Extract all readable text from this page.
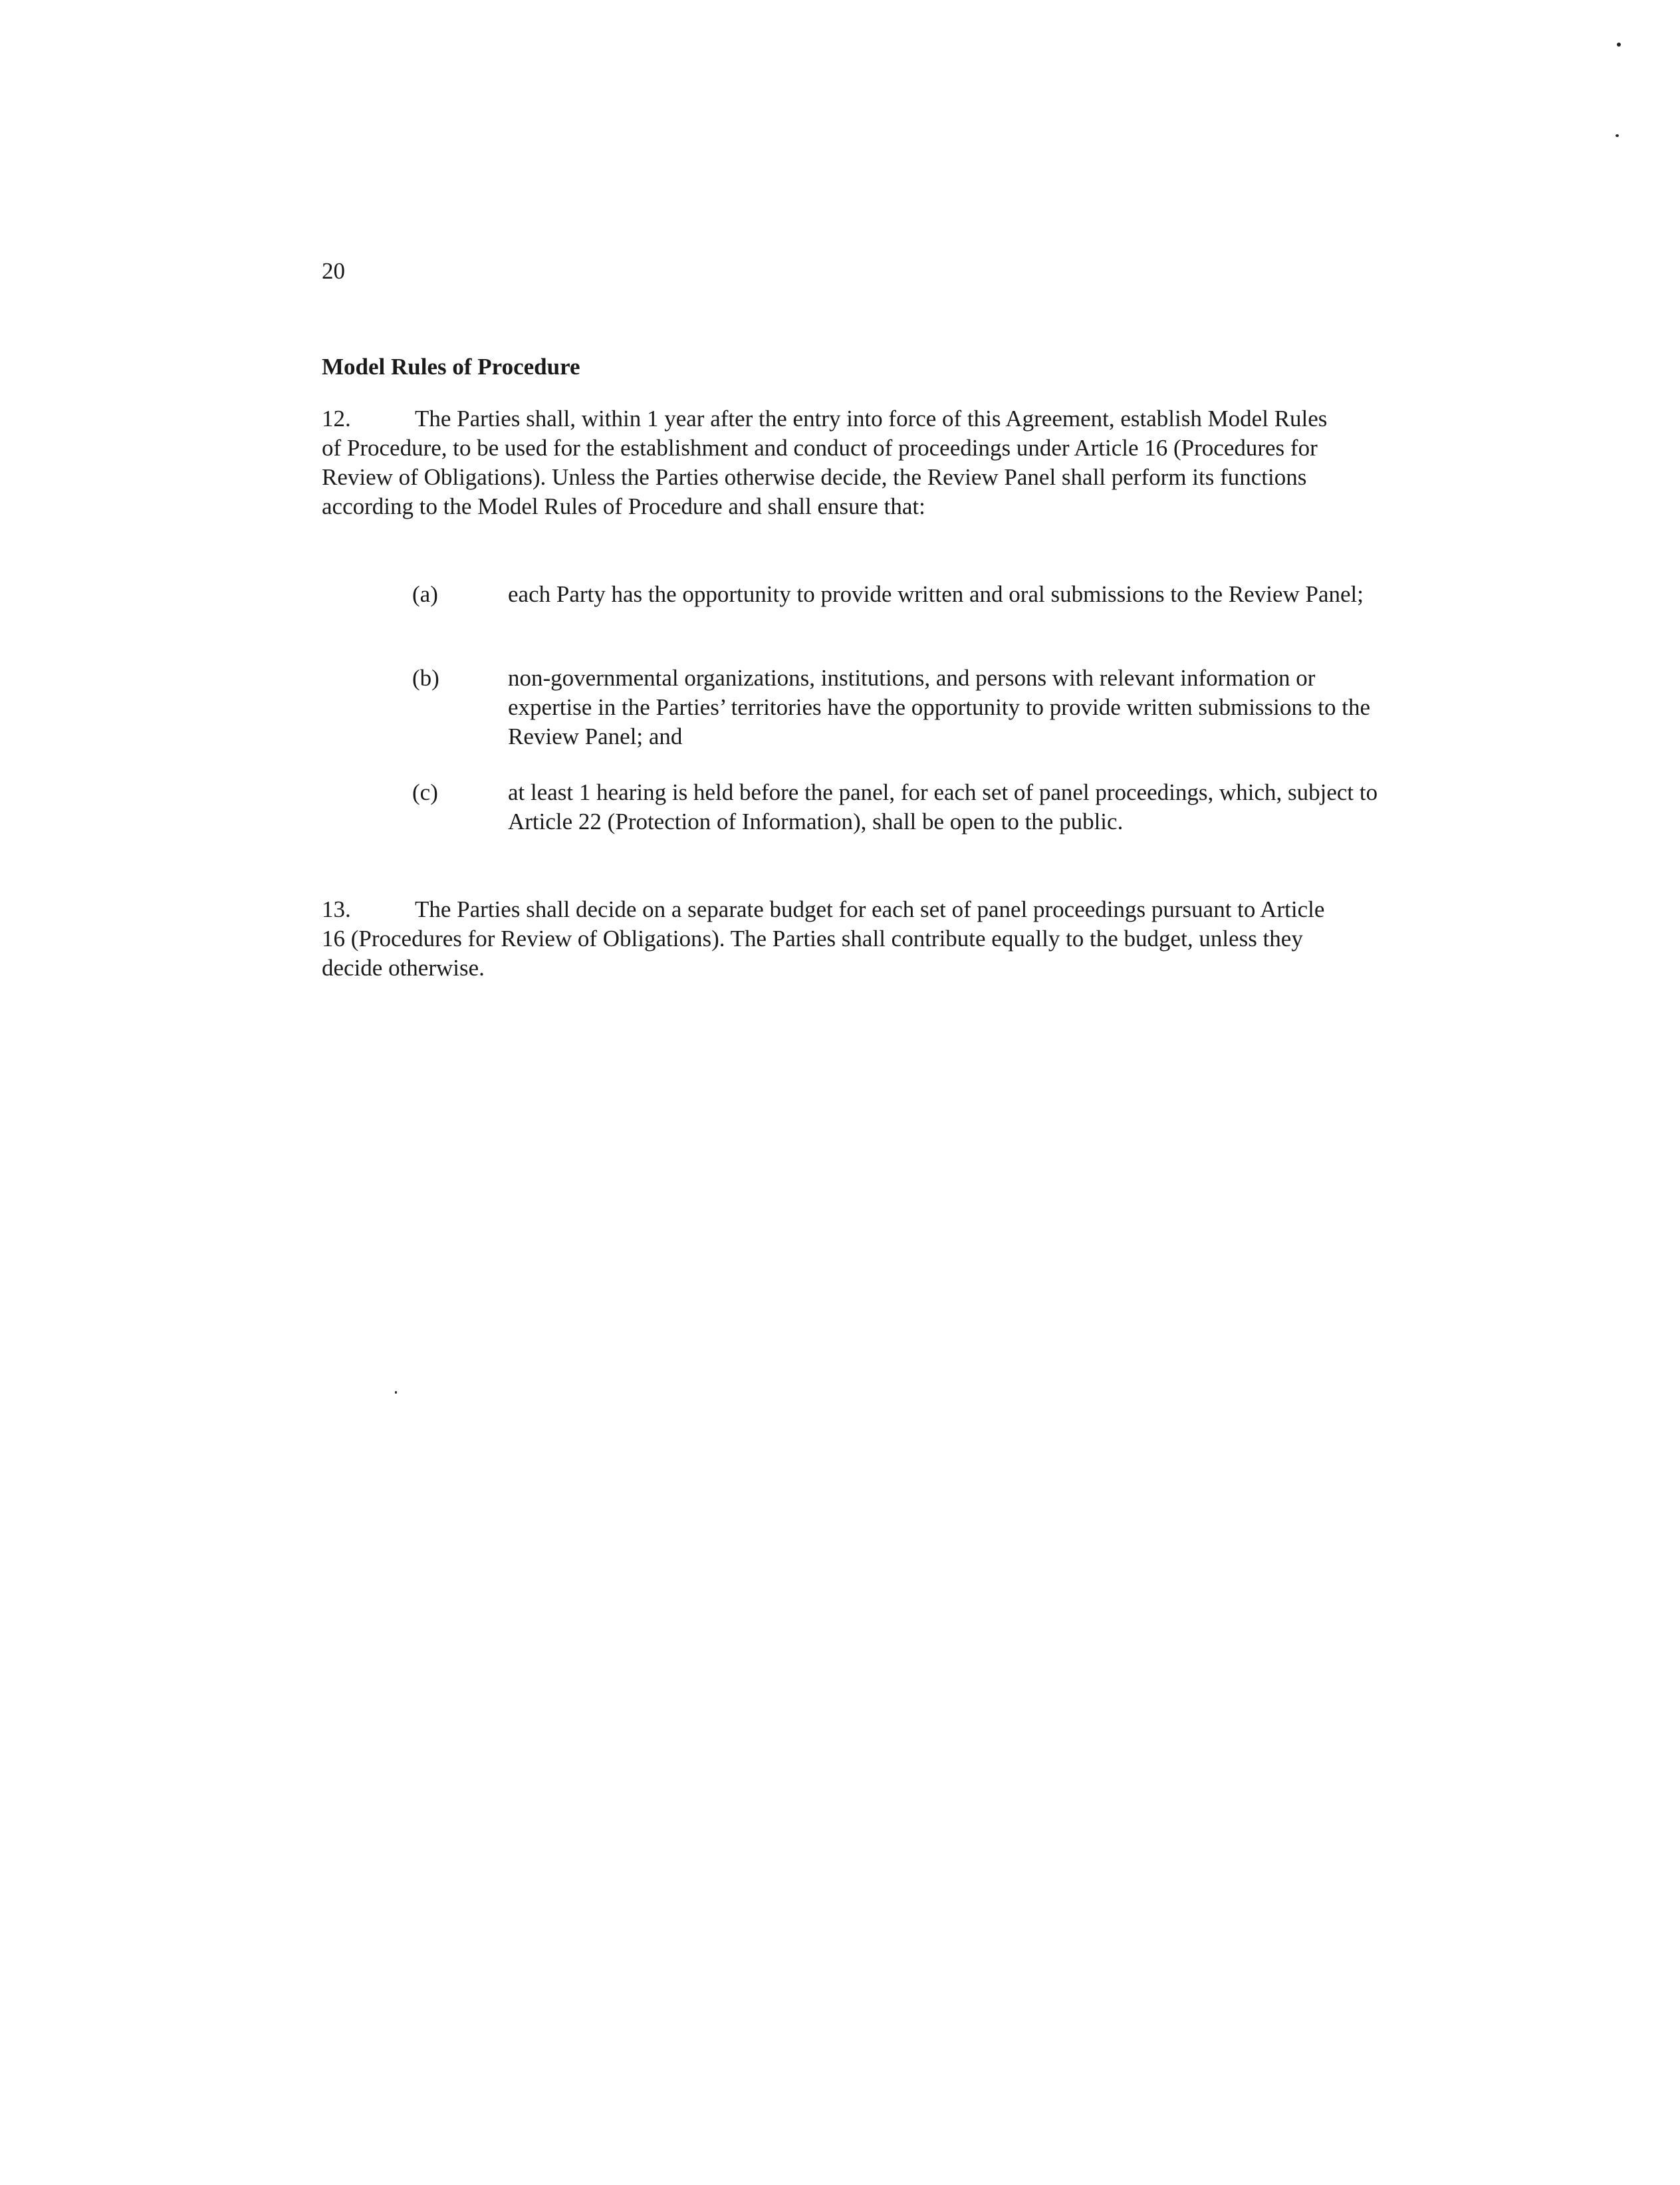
20
Model Rules of Procedure
12.	The Parties shall, within 1 year after the entry into force of this Agreement, establish Model Rules of Procedure, to be used for the establishment and conduct of proceedings under Article 16 (Procedures for Review of Obligations). Unless the Parties otherwise decide, the Review Panel shall perform its functions according to the Model Rules of Procedure and shall ensure that:
(a)	each Party has the opportunity to provide written and oral submissions to the Review Panel;
(b)	non-governmental organizations, institutions, and persons with relevant information or expertise in the Parties’ territories have the opportunity to provide written submissions to the Review Panel; and
(c)	at least 1 hearing is held before the panel, for each set of panel proceedings, which, subject to Article 22 (Protection of Information), shall be open to the public.
13.	The Parties shall decide on a separate budget for each set of panel proceedings pursuant to Article 16 (Procedures for Review of Obligations). The Parties shall contribute equally to the budget, unless they decide otherwise.
